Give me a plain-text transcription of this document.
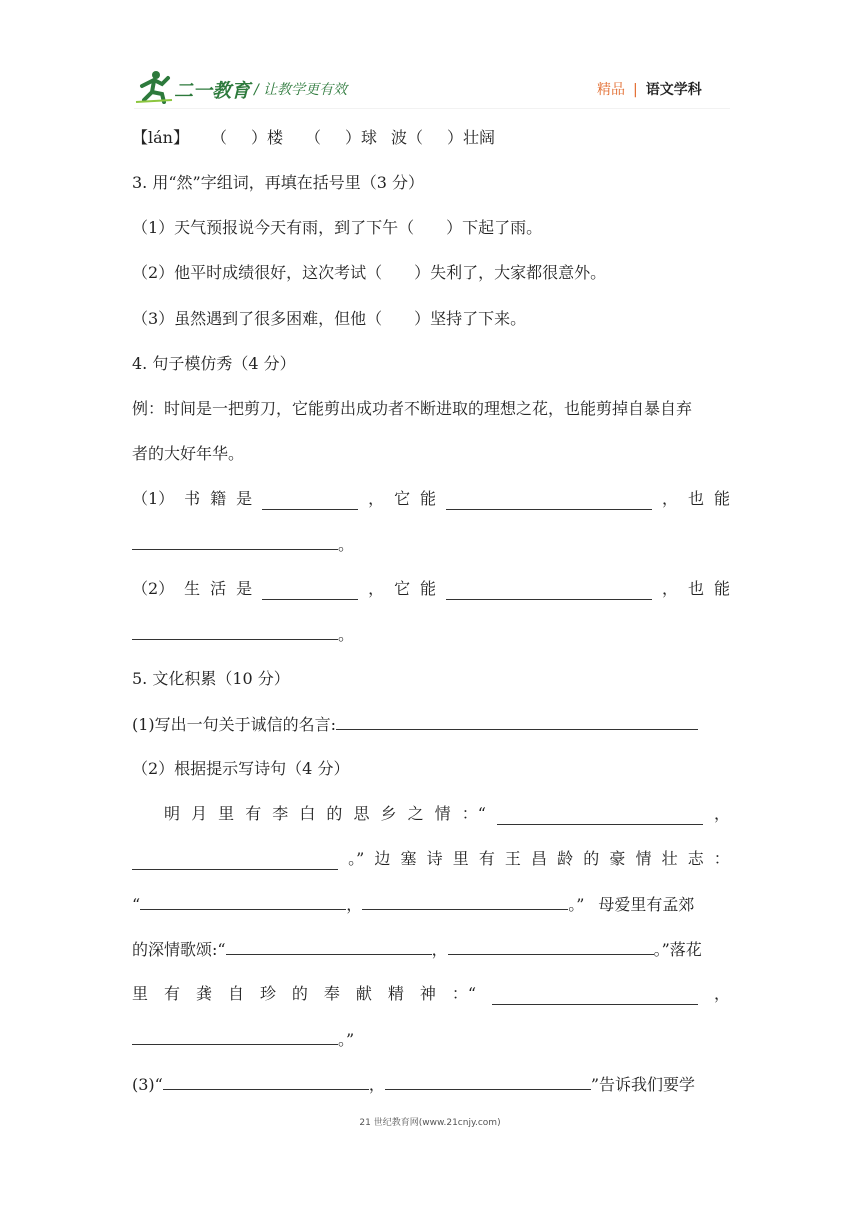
二一教育 / 让教学更有效	精品 | 语文学科
【lán】 （ ）楼 （ ）球 波（ ）壮阔
3. 用“然”字组词，再填在括号里（3 分）
（1）天气预报说今天有雨，到了下午（　　）下起了雨。
（2）他平时成绩很好，这次考试（　　）失利了，大家都很意外。
（3）虽然遇到了很多困难，但他（　　）坚持了下来。
4. 句子模仿秀（4 分）
例：时间是一把剪刀，它能剪出成功者不断进取的理想之花，也能剪掉自暴自弃
者的大好年华。
（1） 书 籍 是	， 它 能	， 也 能
。
（2） 生 活 是	， 它 能	， 也 能
。
5. 文化积累（10 分）
(1)写出一句关于诚信的名言:
（2）根据提示写诗句（4 分）
明 月 里 有 李 白 的 思 乡 之 情 ：“	，
。” 边 塞 诗 里 有 王 昌 龄 的 豪 情 壮 志 ：
“	，	。” 母爱里有孟郊
的深情歌颂:“	，	。”落花
里 有 龚 自 珍 的 奉 献 精 神 ：“	，
。”
(3)“	，	”告诉我们要学
21 世纪教育网(www.21cnjy.com)
